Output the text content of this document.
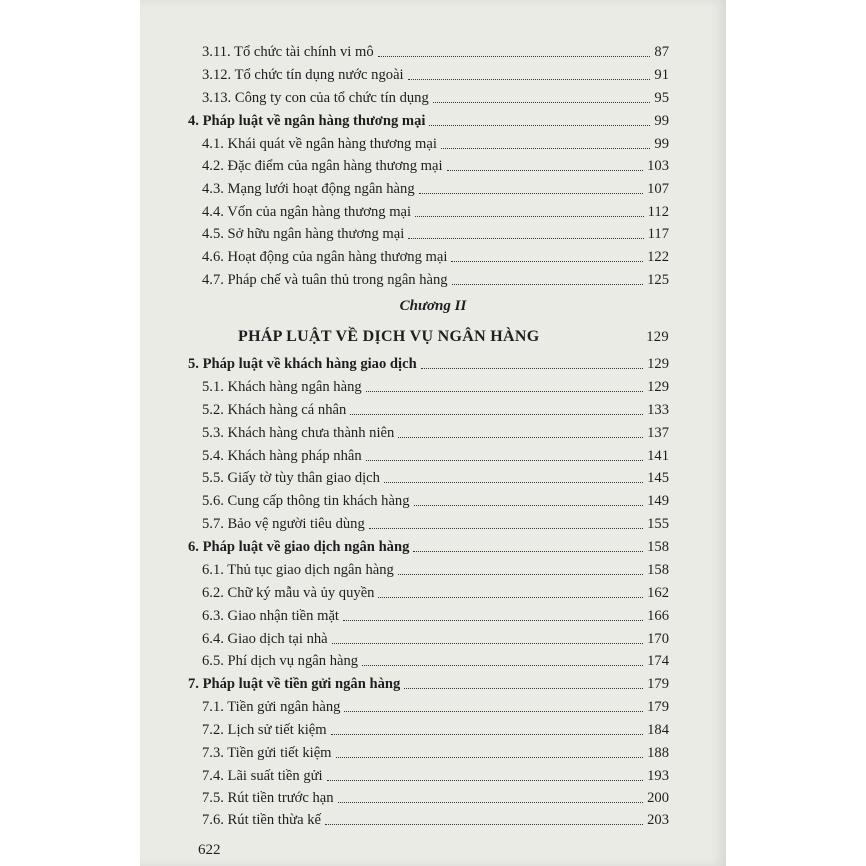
3.11. Tổ chức tài chính vi mô	87
3.12. Tổ chức tín dụng nước ngoài	91
3.13. Công ty con của tổ chức tín dụng	95
4. Pháp luật về ngân hàng thương mại	99
4.1. Khái quát về ngân hàng thương mại	99
4.2. Đặc điểm của ngân hàng thương mại	103
4.3. Mạng lưới hoạt động ngân hàng	107
4.4. Vốn của ngân hàng thương mại	112
4.5. Sở hữu ngân hàng thương mại	117
4.6. Hoạt động của ngân hàng thương mại	122
4.7. Pháp chế và tuân thủ trong ngân hàng	125
Chương II
PHÁP LUẬT VỀ DỊCH VỤ NGÂN HÀNG	129
5. Pháp luật về khách hàng giao dịch	129
5.1. Khách hàng ngân hàng	129
5.2. Khách hàng cá nhân	133
5.3. Khách hàng chưa thành niên	137
5.4. Khách hàng pháp nhân	141
5.5. Giấy tờ tùy thân giao dịch	145
5.6. Cung cấp thông tin khách hàng	149
5.7. Bảo vệ người tiêu dùng	155
6. Pháp luật về giao dịch ngân hàng	158
6.1. Thủ tục giao dịch ngân hàng	158
6.2. Chữ ký mẫu và ủy quyền	162
6.3. Giao nhận tiền mặt	166
6.4. Giao dịch tại nhà	170
6.5. Phí dịch vụ ngân hàng	174
7. Pháp luật về tiền gửi ngân hàng	179
7.1. Tiền gửi ngân hàng	179
7.2. Lịch sử tiết kiệm	184
7.3. Tiền gửi tiết kiệm	188
7.4. Lãi suất tiền gửi	193
7.5. Rút tiền trước hạn	200
7.6. Rút tiền thừa kế	203
622
